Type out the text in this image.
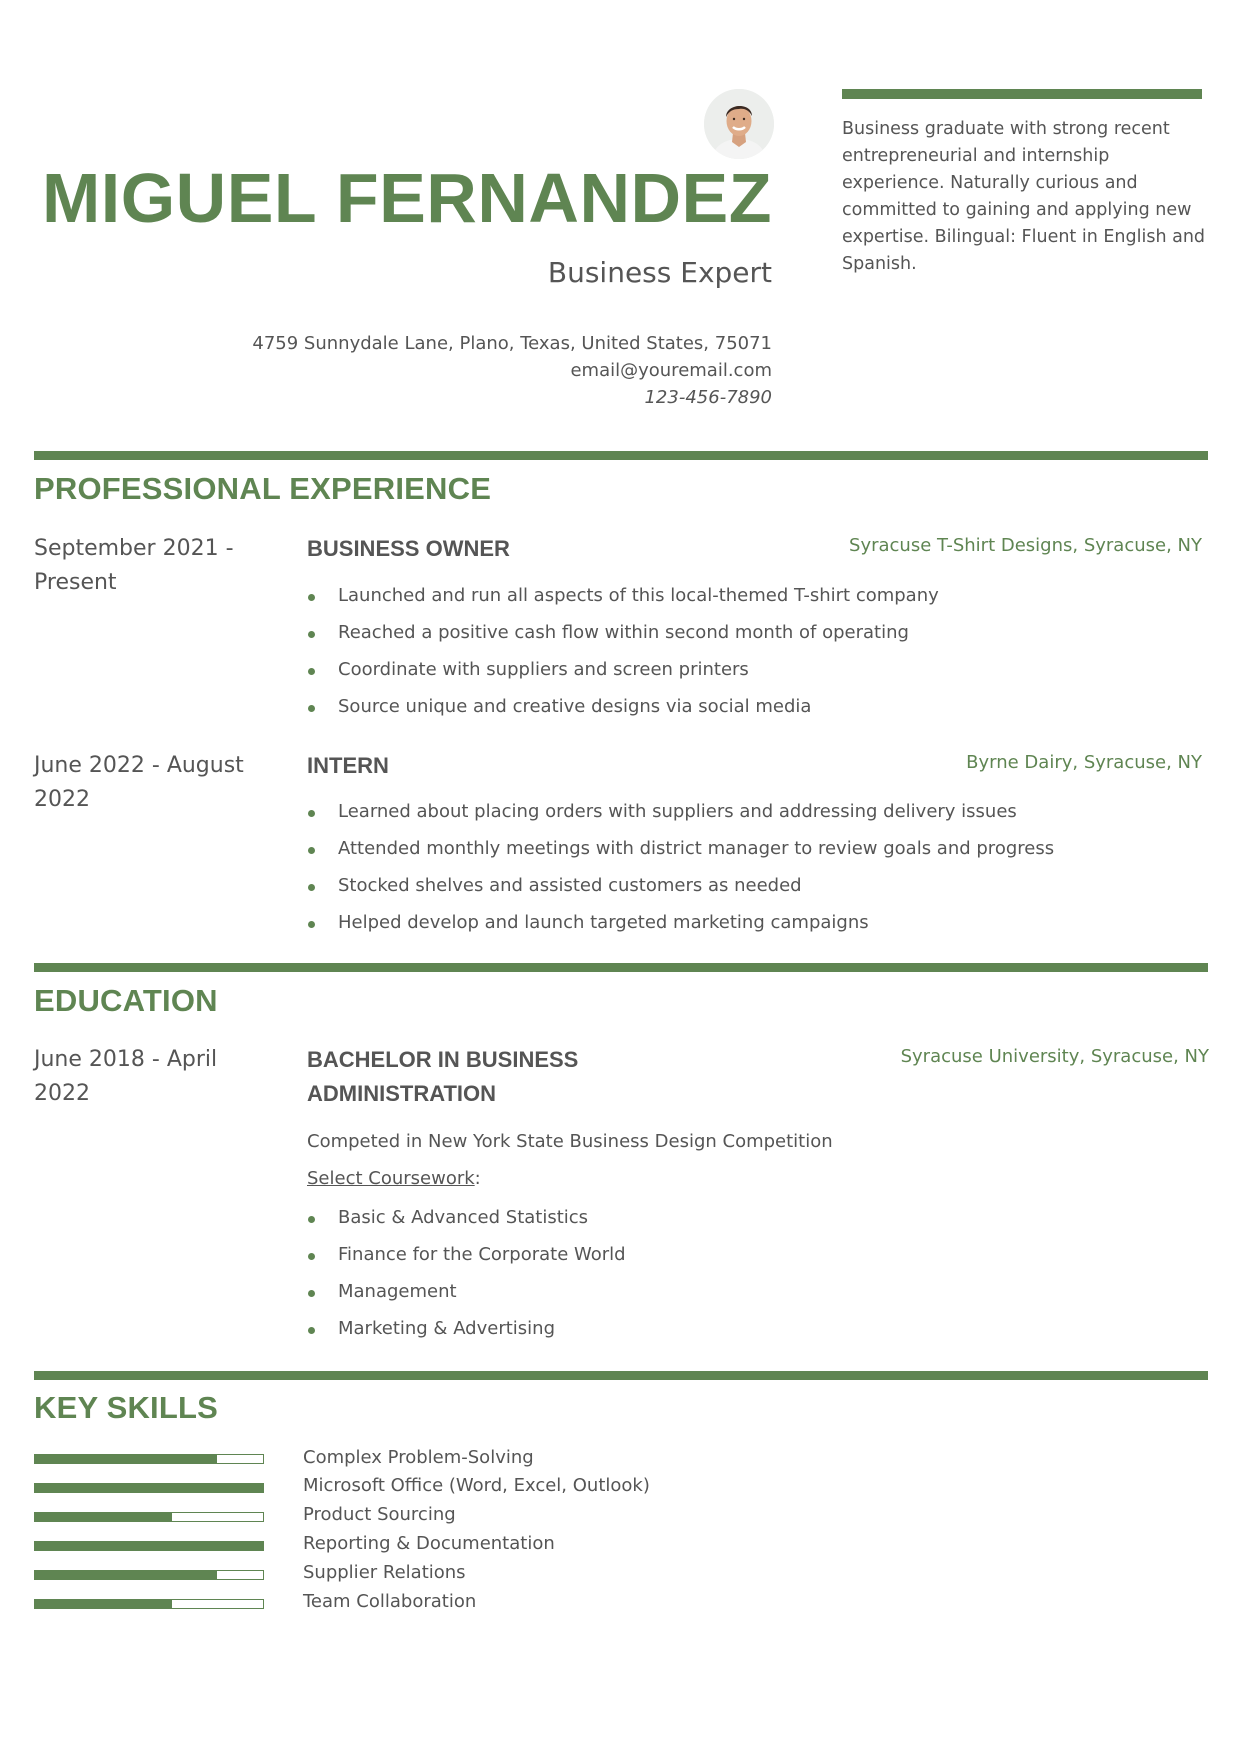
MIGUEL FERNANDEZ
Business Expert
4759 Sunnydale Lane, Plano, Texas, United States, 75071
email@youremail.com
123-456-7890
Business graduate with strong recent entrepreneurial and internship experience. Naturally curious and committed to gaining and applying new expertise. Bilingual: Fluent in English and Spanish.
PROFESSIONAL EXPERIENCE
September 2021 - Present
BUSINESS OWNER	Syracuse T-Shirt Designs, Syracuse, NY
Launched and run all aspects of this local-themed T-shirt company
Reached a positive cash flow within second month of operating
Coordinate with suppliers and screen printers
Source unique and creative designs via social media
June 2022 - August 2022
INTERN	Byrne Dairy, Syracuse, NY
Learned about placing orders with suppliers and addressing delivery issues
Attended monthly meetings with district manager to review goals and progress
Stocked shelves and assisted customers as needed
Helped develop and launch targeted marketing campaigns
EDUCATION
June 2018 - April 2022
BACHELOR IN BUSINESS
ADMINISTRATION
Syracuse University, Syracuse, NY
Competed in New York State Business Design Competition
Select Coursework:
Basic & Advanced Statistics
Finance for the Corporate World
Management
Marketing & Advertising
KEY SKILLS
Complex Problem-Solving
Microsoft Office (Word, Excel, Outlook)
Product Sourcing
Reporting & Documentation
Supplier Relations
Team Collaboration
